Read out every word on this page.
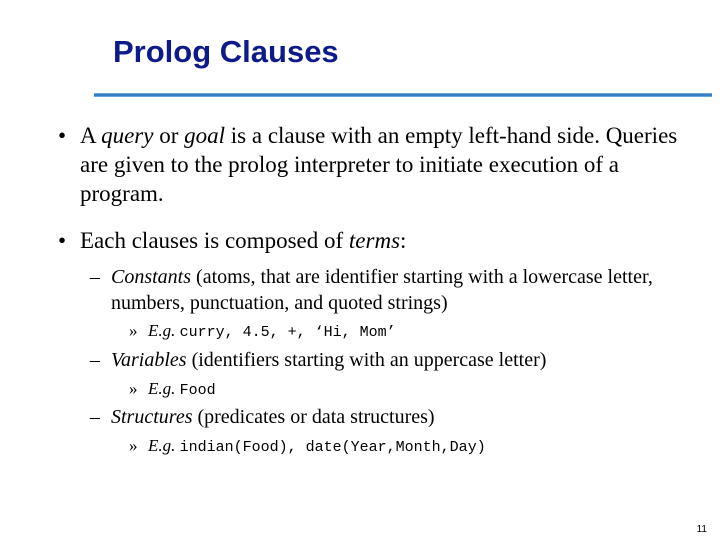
Prolog Clauses
• A query or goal is a clause with an empty left-hand side. Queries are given to the prolog interpreter to initiate execution of a program.
• Each clauses is composed of terms:
– Constants (atoms, that are identifier starting with a lowercase letter, numbers, punctuation, and quoted strings)
» E.g. curry, 4.5, +, ‘Hi, Mom’
– Variables (identifiers starting with an uppercase letter)
» E.g. Food
– Structures (predicates or data structures)
» E.g. indian(Food), date(Year,Month,Day)
11
